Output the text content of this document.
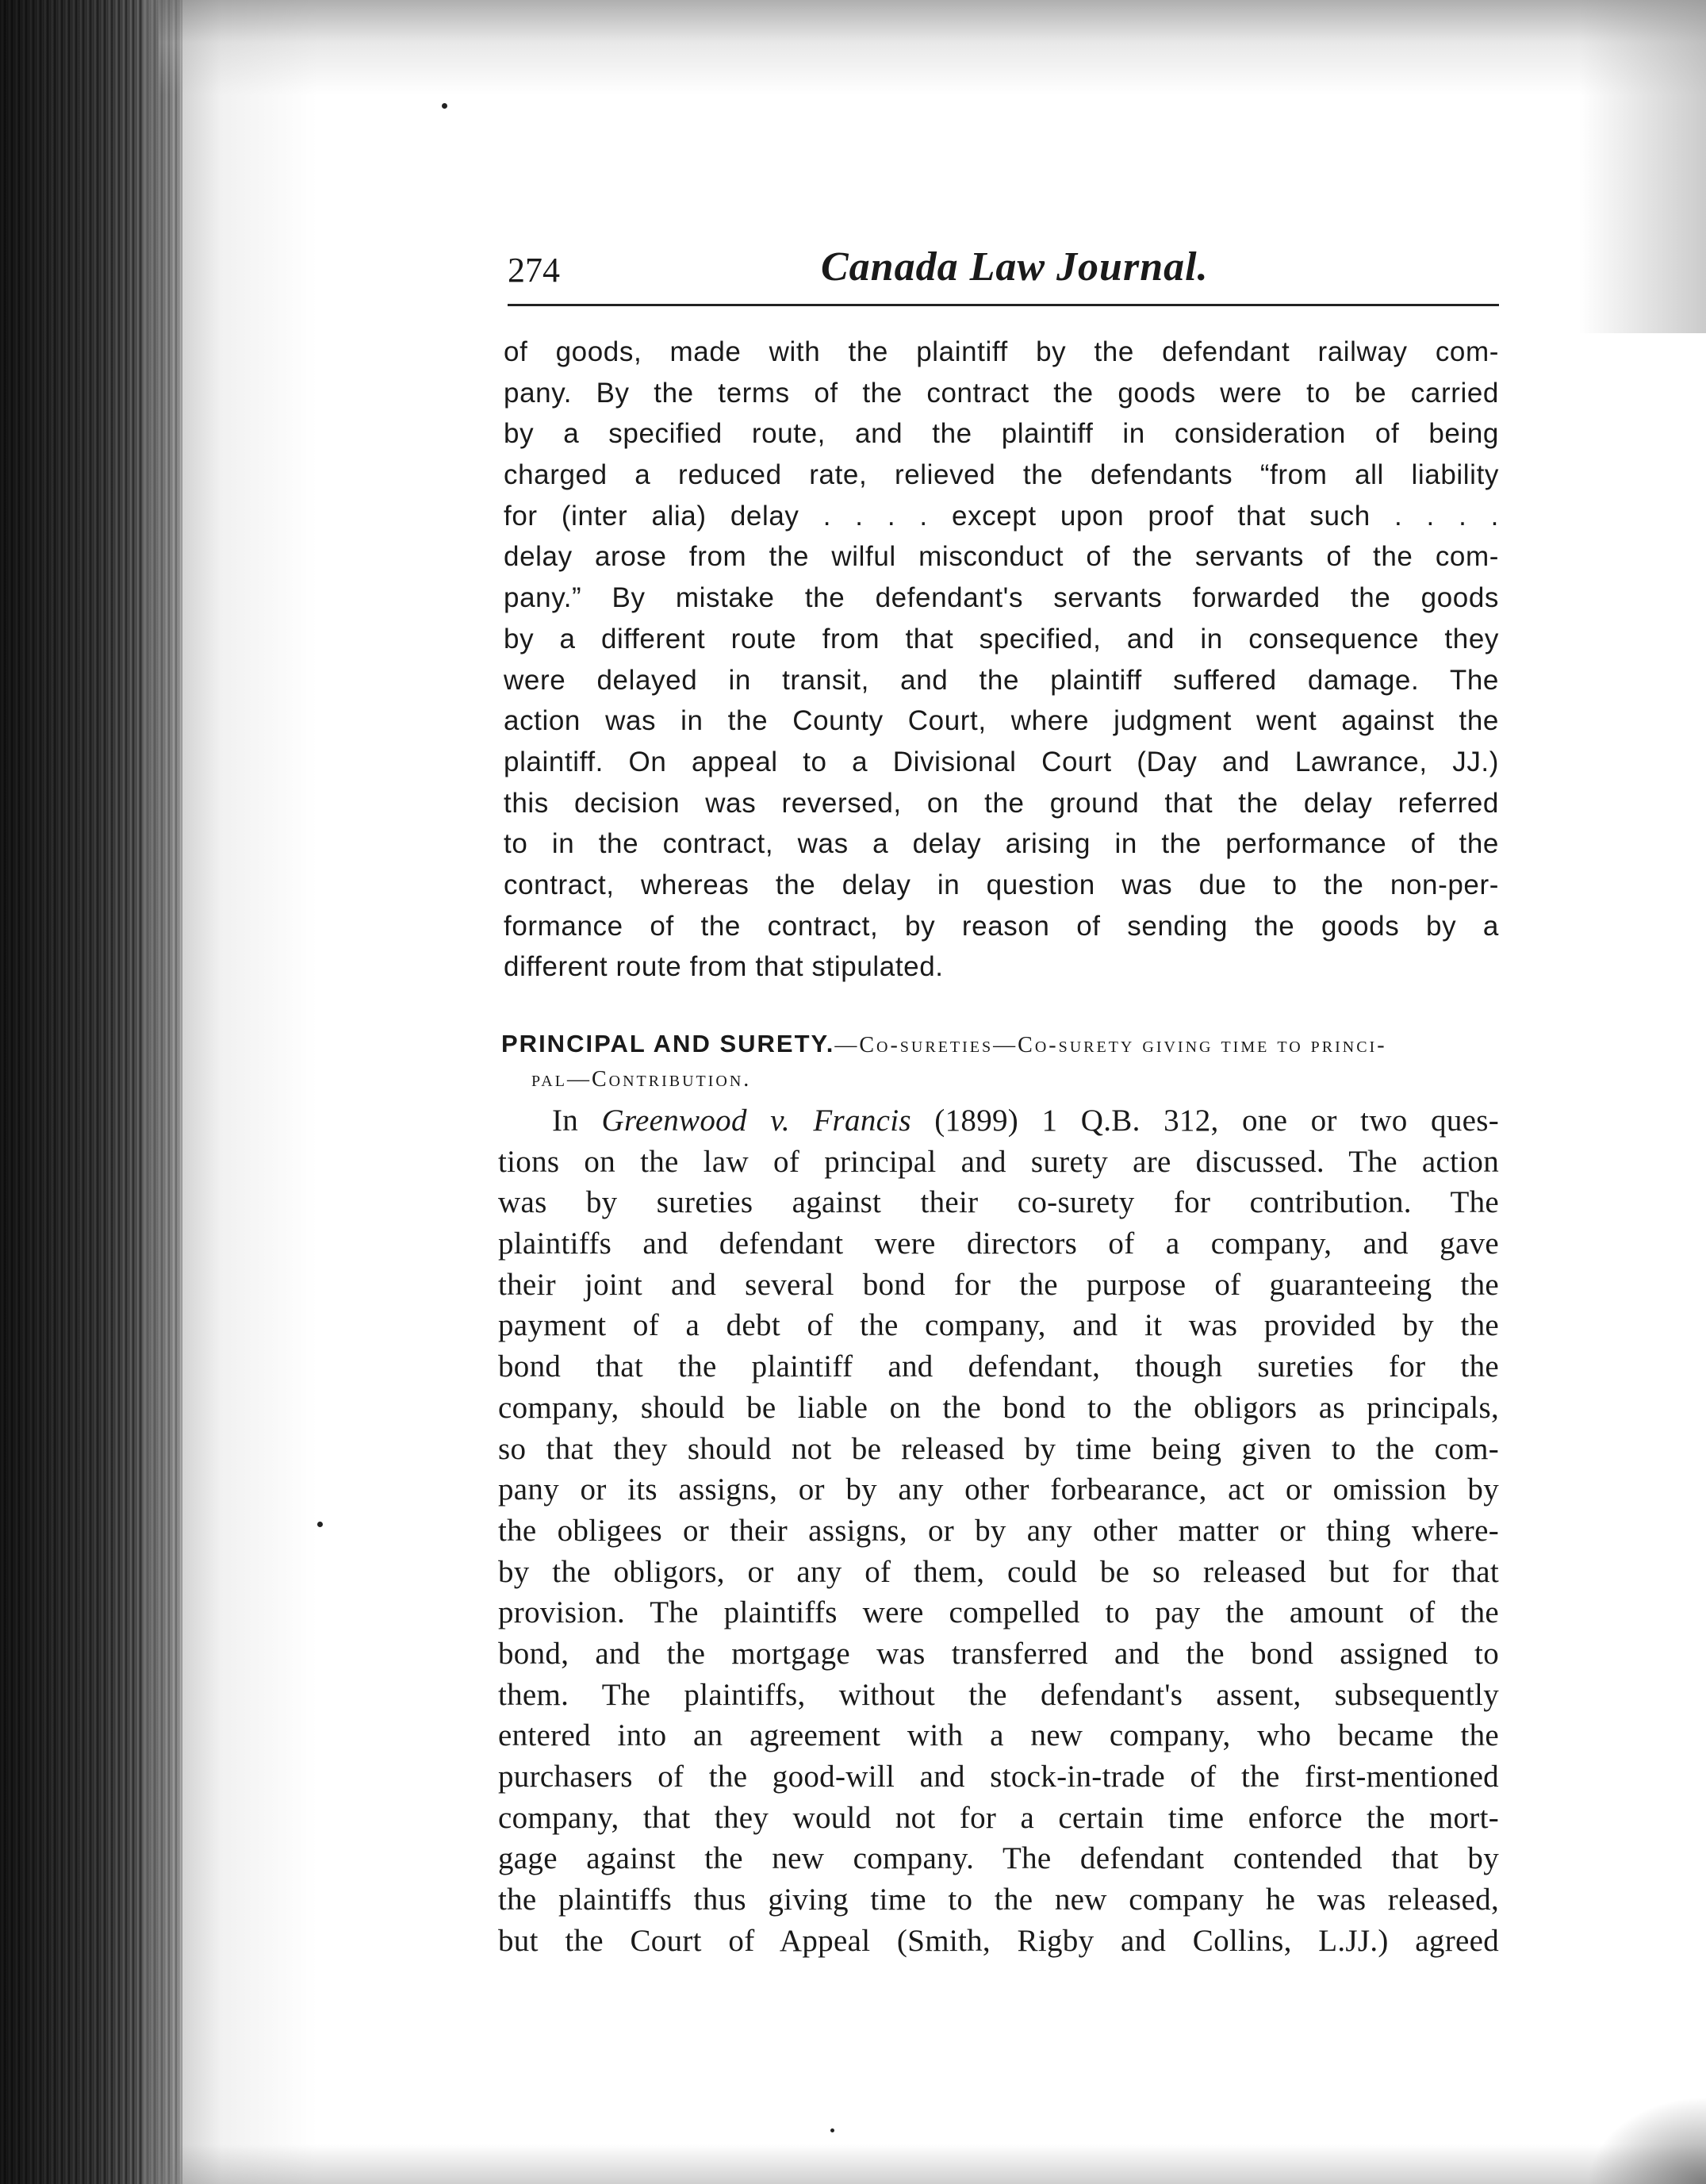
274	Canada Law Journal.
of goods, made with the plaintiff by the defendant railway com-
pany. By the terms of the contract the goods were to be carried
by a specified route, and the plaintiff in consideration of being
charged a reduced rate, relieved the defendants “from all liability
for (inter alia) delay . . . . except upon proof that such . . . .
delay arose from the wilful misconduct of the servants of the com-
pany.” By mistake the defendant's servants forwarded the goods
by a different route from that specified, and in consequence they
were delayed in transit, and the plaintiff suffered damage. The
action was in the County Court, where judgment went against the
plaintiff. On appeal to a Divisional Court (Day and Lawrance, JJ.)
this decision was reversed, on the ground that the delay referred
to in the contract, was a delay arising in the performance of the
contract, whereas the delay in question was due to the non-per-
formance of the contract, by reason of sending the goods by a
different route from that stipulated.
PRINCIPAL AND SURETY.—Co-sureties—Co-surety giving time to princi-
pal—Contribution.
In Greenwood v. Francis (1899) 1 Q.B. 312, one or two ques-
tions on the law of principal and surety are discussed. The action
was by sureties against their co-surety for contribution. The
plaintiffs and defendant were directors of a company, and gave
their joint and several bond for the purpose of guaranteeing the
payment of a debt of the company, and it was provided by the
bond that the plaintiff and defendant, though sureties for the
company, should be liable on the bond to the obligors as principals,
so that they should not be released by time being given to the com-
pany or its assigns, or by any other forbearance, act or omission by
the obligees or their assigns, or by any other matter or thing where-
by the obligors, or any of them, could be so released but for that
provision. The plaintiffs were compelled to pay the amount of the
bond, and the mortgage was transferred and the bond assigned to
them. The plaintiffs, without the defendant's assent, subsequently
entered into an agreement with a new company, who became the
purchasers of the good-will and stock-in-trade of the first-mentioned
company, that they would not for a certain time enforce the mort-
gage against the new company. The defendant contended that by
the plaintiffs thus giving time to the new company he was released,
but the Court of Appeal (Smith, Rigby and Collins, L.JJ.) agreed
